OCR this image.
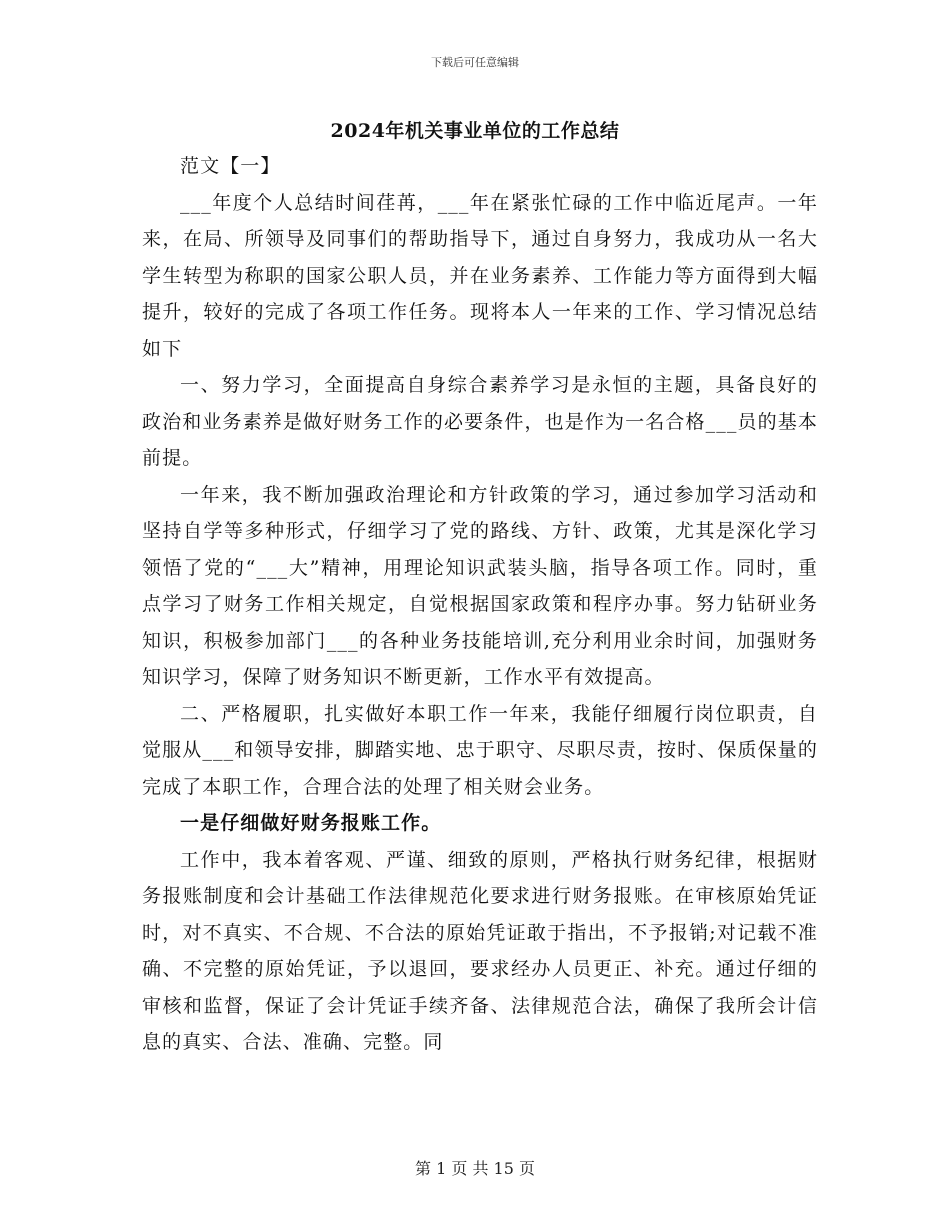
下载后可任意编辑
2024年机关事业单位的工作总结

范文【一】

___年度个人总结时间荏苒，___年在紧张忙碌的工作中临近尾声。一年来，在局、所领导及同事们的帮助指导下，通过自身努力，我成功从一名大学生转型为称职的国家公职人员，并在业务素养、工作能力等方面得到大幅提升，较好的完成了各项工作任务。现将本人一年来的工作、学习情况总结如下

一、努力学习，全面提高自身综合素养学习是永恒的主题，具备良好的政治和业务素养是做好财务工作的必要条件，也是作为一名合格___员的基本前提。

一年来，我不断加强政治理论和方针政策的学习，通过参加学习活动和坚持自学等多种形式，仔细学习了党的路线、方针、政策，尤其是深化学习领悟了党的“___大”精神，用理论知识武装头脑，指导各项工作。同时，重点学习了财务工作相关规定，自觉根据国家政策和程序办事。努力钻研业务知识，积极参加部门___的各种业务技能培训,充分利用业余时间，加强财务知识学习，保障了财务知识不断更新，工作水平有效提高。

二、严格履职，扎实做好本职工作一年来，我能仔细履行岗位职责，自觉服从___和领导安排，脚踏实地、忠于职守、尽职尽责，按时、保质保量的完成了本职工作，合理合法的处理了相关财会业务。

一是仔细做好财务报账工作。

工作中，我本着客观、严谨、细致的原则，严格执行财务纪律，根据财务报账制度和会计基础工作法律规范化要求进行财务报账。在审核原始凭证时，对不真实、不合规、不合法的原始凭证敢于指出，不予报销;对记载不准确、不完整的原始凭证，予以退回，要求经办人员更正、补充。通过仔细的审核和监督，保证了会计凭证手续齐备、法律规范合法，确保了我所会计信息的真实、合法、准确、完整。同

第 1 页 共 15 页
